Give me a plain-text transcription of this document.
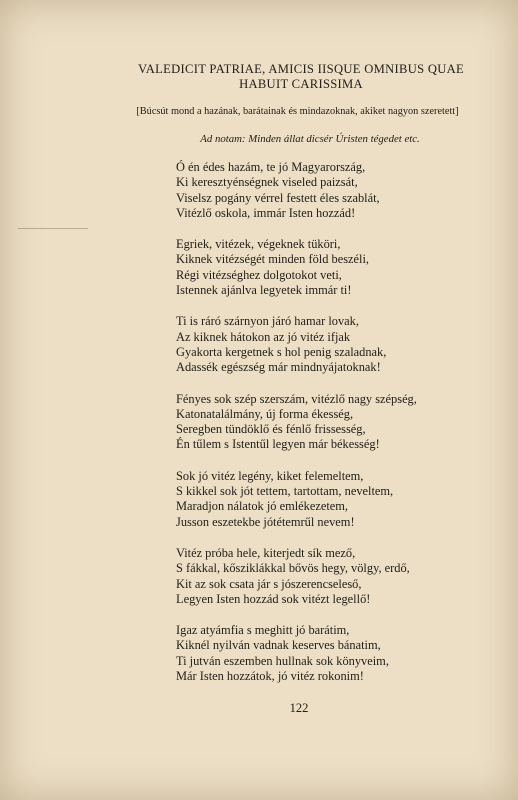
VALEDICIT PATRIAE, AMICIS IISQUE OMNIBUS QUAE HABUIT CARISSIMA
[Búcsút mond a hazának, barátainak és mindazoknak, akiket nagyon szeretett]
Ad notam: Minden állat dicsér Úristen tégedet etc.
Ó én édes hazám, te jó Magyarország,
Ki keresztyénségnek viseled paizsát,
Viselsz pogány vérrel festett éles szablát,
Vitézlő oskola, immár Isten hozzád!
Egriek, vitézek, végeknek tüköri,
Kiknek vitézségét minden föld beszéli,
Régi vitézséghez dolgotokot veti,
Istennek ajánlva legyetek immár ti!
Ti is ráró szárnyon járó hamar lovak,
Az kiknek hátokon az jó vitéz ifjak
Gyakorta kergetnek s hol penig szaladnak,
Adassék egészség már mindnyájatoknak!
Fényes sok szép szerszám, vitézlő nagy szépség,
Katonatalálmány, új forma ékesség,
Seregben tündöklő és fénlő frissesség,
Én tűlem s Istentűl legyen már békesség!
Sok jó vitéz legény, kiket felemeltem,
S kikkel sok jót tettem, tartottam, neveltem,
Maradjon nálatok jó emlékezetem,
Jusson eszetekbe jótétemrűl nevem!
Vitéz próba hele, kiterjedt sík mező,
S fákkal, kősziklákkal bővös hegy, völgy, erdő,
Kit az sok csata jár s jószerencseleső,
Legyen Isten hozzád sok vitézt legellő!
Igaz atyámfia s meghitt jó barátim,
Kiknél nyilván vadnak keserves bánatim,
Ti jutván eszemben hullnak sok könyveim,
Már Isten hozzátok, jó vitéz rokonim!
122
